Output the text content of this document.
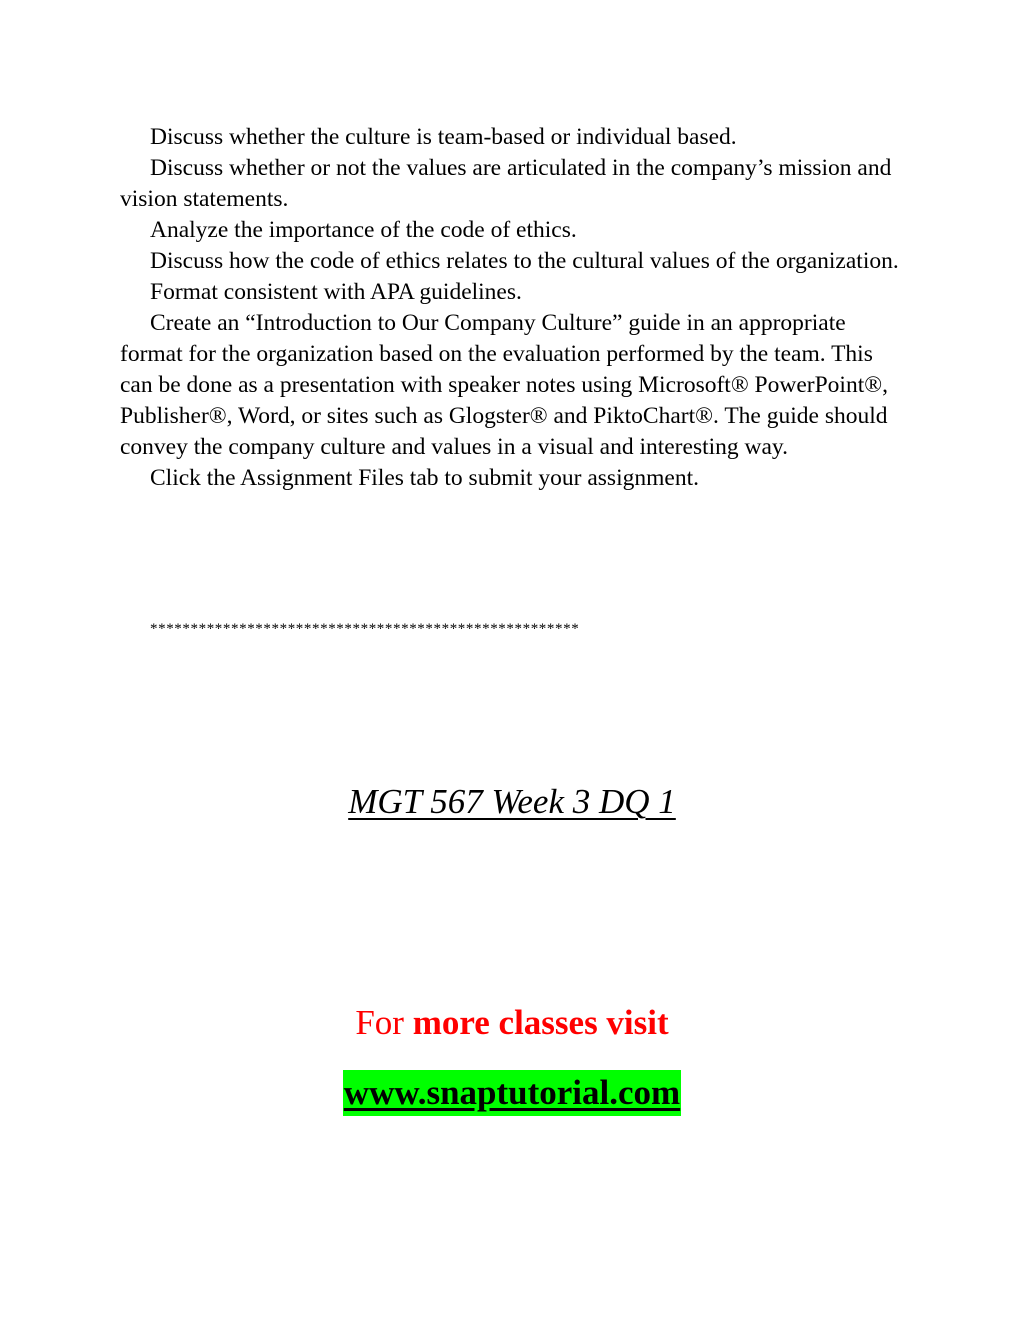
Discuss whether the culture is team-based or individual based.

Discuss whether or not the values are articulated in the company’s mission and vision statements.

Analyze the importance of the code of ethics.

Discuss how the code of ethics relates to the cultural values of the organization.

Format consistent with APA guidelines.

Create an “Introduction to Our Company Culture” guide in an appropriate format for the organization based on the evaluation performed by the team. This can be done as a presentation with speaker notes using Microsoft® PowerPoint®, Publisher®, Word, or sites such as Glogster® and PiktoChart®. The guide should convey the company culture and values in a visual and interesting way.

Click the Assignment Files tab to submit your assignment.

*****************************************************
MGT 567 Week 3 DQ 1
For more classes visit
www.snaptutorial.com
